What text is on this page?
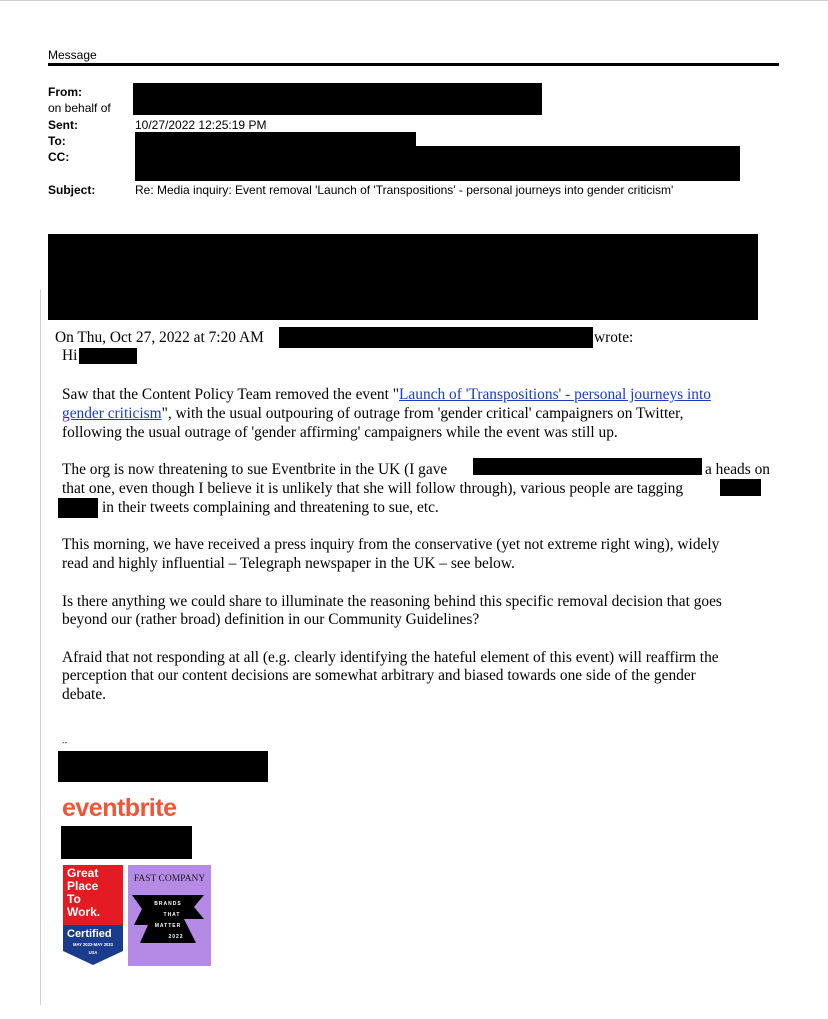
Message
From:
on behalf of
Sent:
To:
CC:
Subject:
10/27/2022 12:25:19 PM
Re: Media inquiry: Event removal 'Launch of 'Transpositions' - personal journeys into gender criticism'
On Thu, Oct 27, 2022 at 7:20 AM	wrote:
Hi
Saw that the Content Policy Team removed the event "Launch of 'Transpositions' - personal journeys into
gender criticism", with the usual outpouring of outrage from 'gender critical' campaigners on Twitter,
following the usual outrage of 'gender affirming' campaigners while the event was still up.
The org is now threatening to sue Eventbrite in the UK (I gave	a heads on
that one, even though I believe it is unlikely that she will follow through), various people are tagging
in their tweets complaining and threatening to sue, etc.
This morning, we have received a press inquiry from the conservative (yet not extreme right wing), widely
read and highly influential – Telegraph newspaper in the UK – see below.
Is there anything we could share to illuminate the reasoning behind this specific removal decision that goes
beyond our (rather broad) definition in our Community Guidelines?
Afraid that not responding at all (e.g. clearly identifying the hateful element of this event) will reaffirm the
perception that our content decisions are somewhat arbitrary and biased towards one side of the gender
debate.
--
eventbrite
Great
Place
To
Work.
Certified
MAY 2022-MAY 2023
USA
FAST COMPANY
BRANDS
THAT
MATTER
2022
